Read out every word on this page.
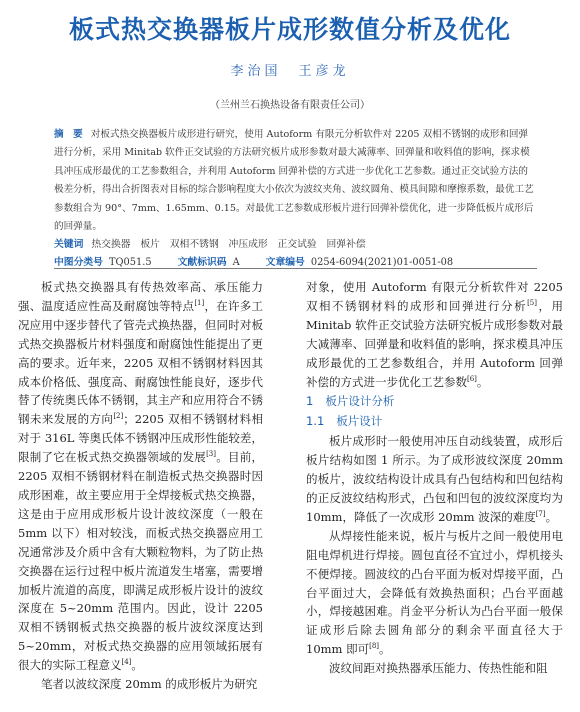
板式热交换器板片成形数值分析及优化
李治国　王彦龙
（兰州兰石换热设备有限责任公司）
摘　要 对板式热交换器板片成形进行研究，使用 Autoform 有限元分析软件对 2205 双相不锈钢的成形和回弹进行分析，采用 Minitab 软件正交试验的方法研究板片成形参数对最大减薄率、回弹量和收料值的影响，探求模具冲压成形最优的工艺参数组合，并利用 Autoform 回弹补偿的方式进一步优化工艺参数。通过正交试验方法的极差分析，得出合折图表对目标的综合影响程度大小依次为波纹夹角、波纹圆角、模具间隙和摩擦系数，最优工艺参数组合为 90°、7mm、1.65mm、0.15。对最优工艺参数成形板片进行回弹补偿优化，进一步降低板片成形后的回弹量。
关键词 热交换器　板片　双相不锈钢　冲压成形　正交试验　回弹补偿
中图分类号 TQ051.5	文献标识码 A	文章编号 0254-6094(2021)01-0051-08

板式热交换器具有传热效率高、承压能力强、温度适应性高及耐腐蚀等特点[1]，在许多工况应用中逐步替代了管壳式换热器，但同时对板式热交换器板片材料强度和耐腐蚀性能提出了更高的要求。近年来，2205 双相不锈钢材料因其成本价格低、强度高、耐腐蚀性能良好，逐步代替了传统奥氏体不锈钢，其主产和应用符合不锈钢未来发展的方向[2]；2205 双相不锈钢材料相对于 316L 等奥氏体不锈钢冲压成形性能较差，限制了它在板式热交换器领域的发展[3]。目前，2205 双相不锈钢材料在制造板式热交换器时因成形困难，故主要应用于全焊接板式热交换器，这是由于应用成形板片设计波纹深度（一般在 5mm 以下）相对较浅，而板式热交换器应用工况通常涉及介质中含有大颗粒物料，为了防止热交换器在运行过程中板片流道发生堵塞，需要增加板片流道的高度，即满足成形板片设计的波纹深度在 5~20mm 范围内。因此，设计 2205 双相不锈钢板式热交换器的板片波纹深度达到 5~20mm，对板式热交换器的应用领域拓展有很大的实际工程意义[4]。

笔者以波纹深度 20mm 的成形板片为研究

对象，使用 Autoform 有限元分析软件对 2205 双相不锈钢材料的成形和回弹进行分析[5]，用 Minitab 软件正交试验方法研究板片成形参数对最大减薄率、回弹量和收料值的影响，探求模具冲压成形最优的工艺参数组合，并用 Autoform 回弹补偿的方式进一步优化工艺参数[6]。

1 板片设计分析
1.1 板片设计

板片成形时一般使用冲压自动线装置，成形后板片结构如图 1 所示。为了成形波纹深度 20mm 的板片，波纹结构设计成具有凸包结构和凹包结构的正反波纹结构形式，凸包和凹包的波纹深度均为 10mm，降低了一次成形 20mm 波深的难度[7]。

从焊接性能来说，板片与板片之间一般使用电阻电焊机进行焊接。圆包直径不宜过小，焊机接头不便焊接。圆波纹的凸台平面为板对焊接平面，凸台平面过大，会降低有效换热面积；凸台平面越小，焊接越困难。肖金平分析认为凸台平面一般保证成形后除去圆角部分的剩余平面直径大于 10mm 即可[8]。

波纹间距对换热器承压能力、传热性能和阻
